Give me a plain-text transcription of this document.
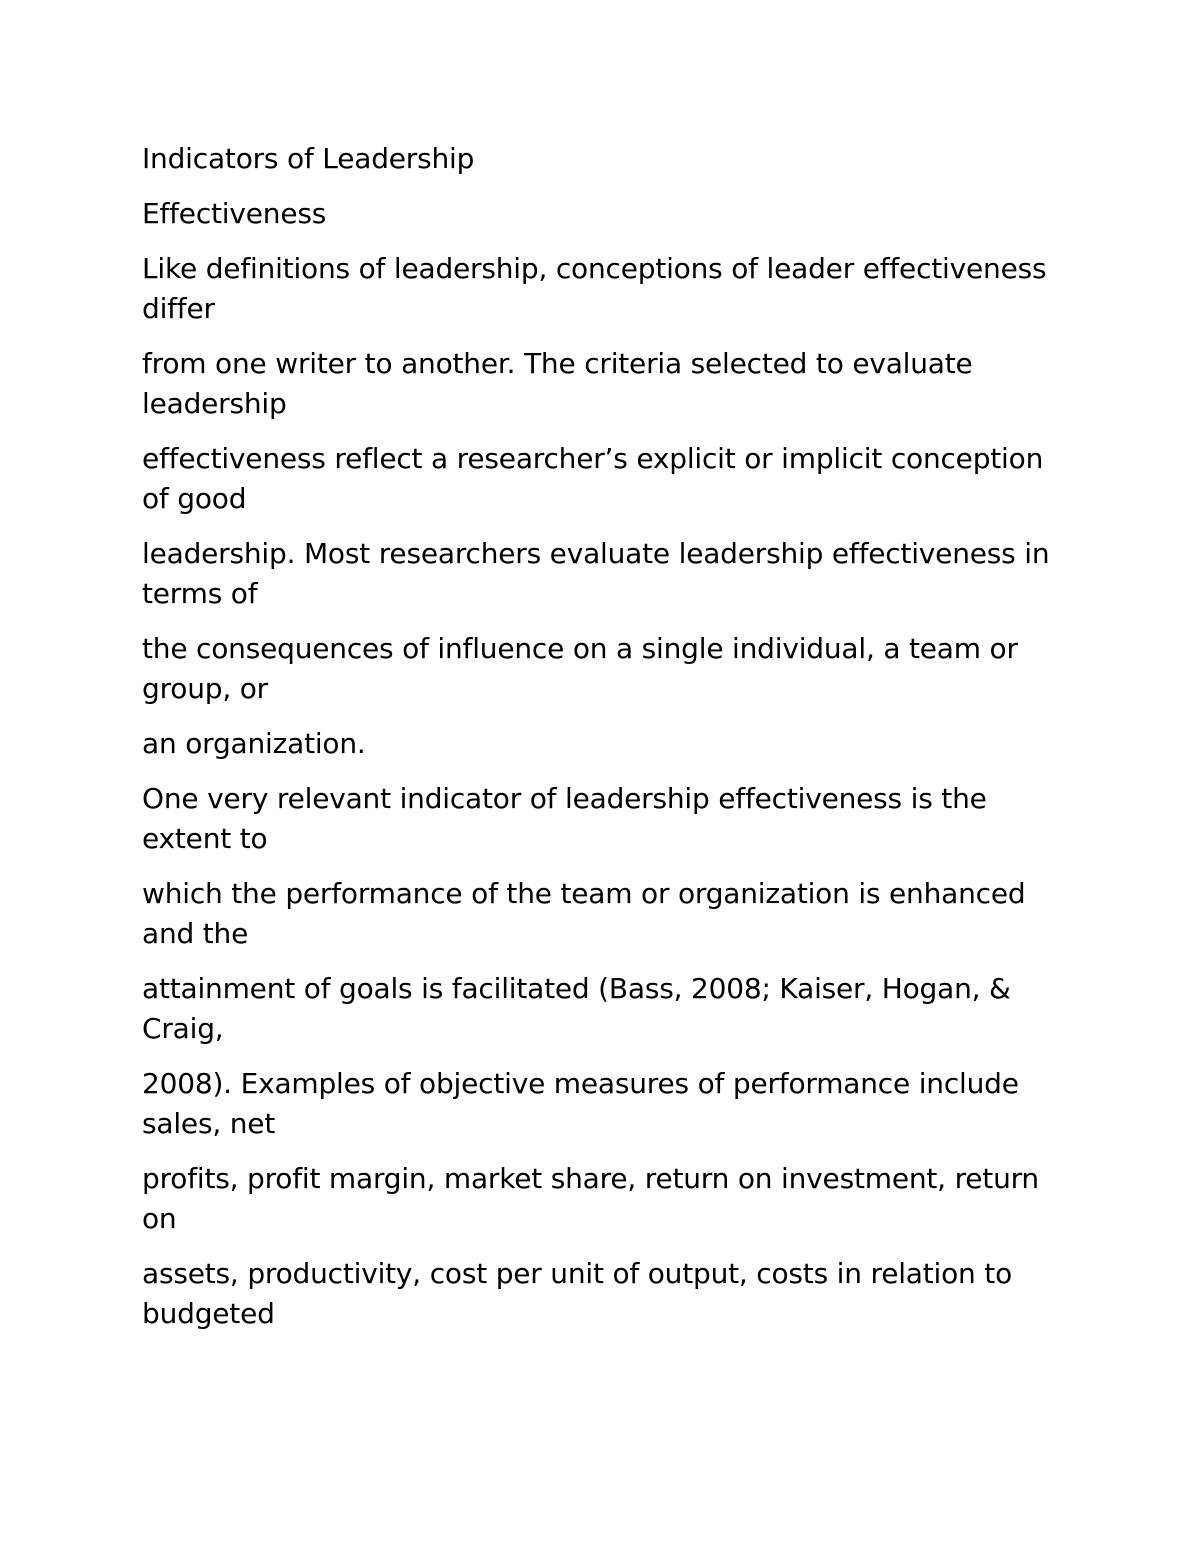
Indicators of Leadership

Effectiveness

Like definitions of leadership, conceptions of leader effectiveness differ

from one writer to another. The criteria selected to evaluate leadership

effectiveness reflect a researcher’s explicit or implicit conception of good

leadership. Most researchers evaluate leadership effectiveness in terms of

the consequences of influence on a single individual, a team or group, or

an organization.

One very relevant indicator of leadership effectiveness is the extent to

which the performance of the team or organization is enhanced and the

attainment of goals is facilitated (Bass, 2008; Kaiser, Hogan, & Craig,

2008). Examples of objective measures of performance include sales, net

profits, profit margin, market share, return on investment, return on

assets, productivity, cost per unit of output, costs in relation to budgeted
